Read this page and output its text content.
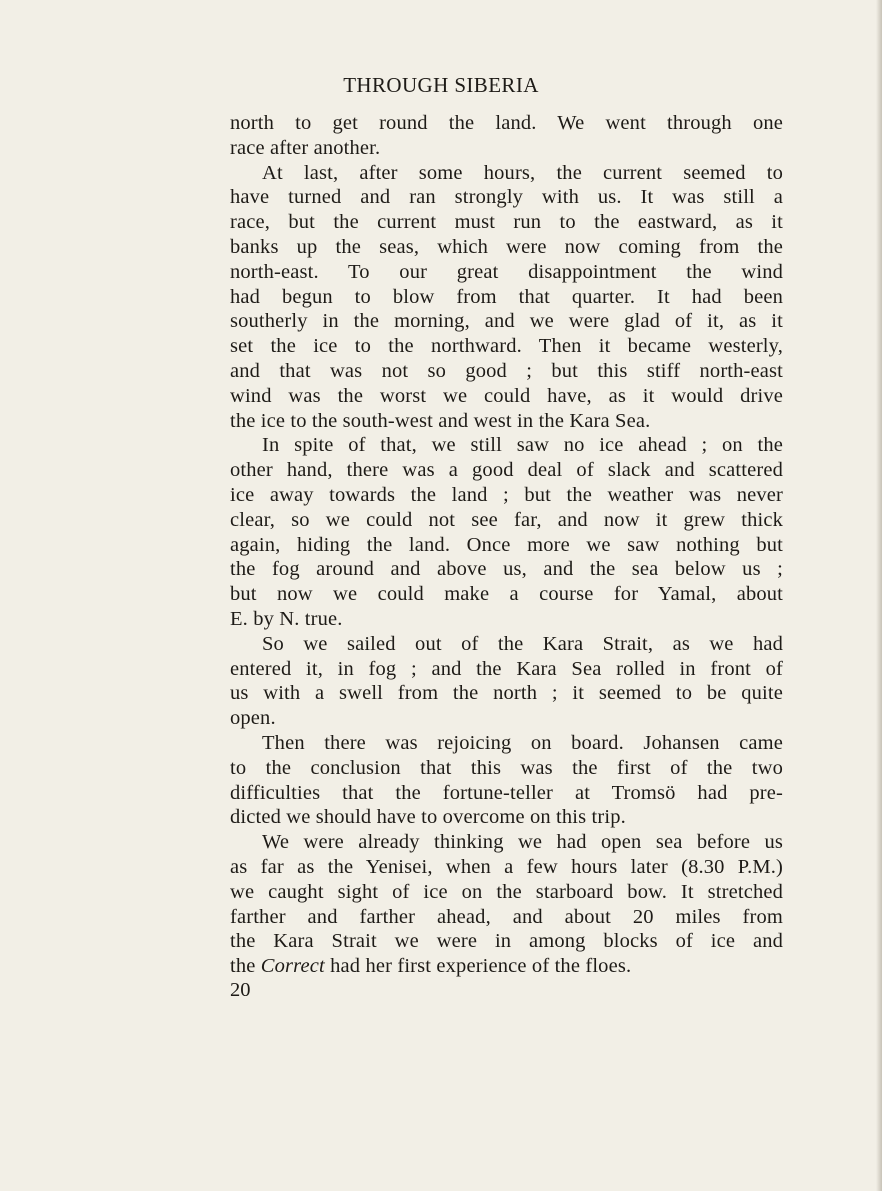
THROUGH SIBERIA
north to get round the land. We went through one
race after another.
At last, after some hours, the current seemed to
have turned and ran strongly with us. It was still a
race, but the current must run to the eastward, as it
banks up the seas, which were now coming from the
north-east. To our great disappointment the wind
had begun to blow from that quarter. It had been
southerly in the morning, and we were glad of it, as it
set the ice to the northward. Then it became westerly,
and that was not so good ; but this stiff north-east
wind was the worst we could have, as it would drive
the ice to the south-west and west in the Kara Sea.
In spite of that, we still saw no ice ahead ; on the
other hand, there was a good deal of slack and scattered
ice away towards the land ; but the weather was never
clear, so we could not see far, and now it grew thick
again, hiding the land. Once more we saw nothing but
the fog around and above us, and the sea below us ;
but now we could make a course for Yamal, about
E. by N. true.
So we sailed out of the Kara Strait, as we had
entered it, in fog ; and the Kara Sea rolled in front of
us with a swell from the north ; it seemed to be quite
open.
Then there was rejoicing on board. Johansen came
to the conclusion that this was the first of the two
difficulties that the fortune-teller at Tromsö had pre-
dicted we should have to overcome on this trip.
We were already thinking we had open sea before us
as far as the Yenisei, when a few hours later (8.30 P.M.)
we caught sight of ice on the starboard bow. It stretched
farther and farther ahead, and about 20 miles from
the Kara Strait we were in among blocks of ice and
the Correct had her first experience of the floes.
20
